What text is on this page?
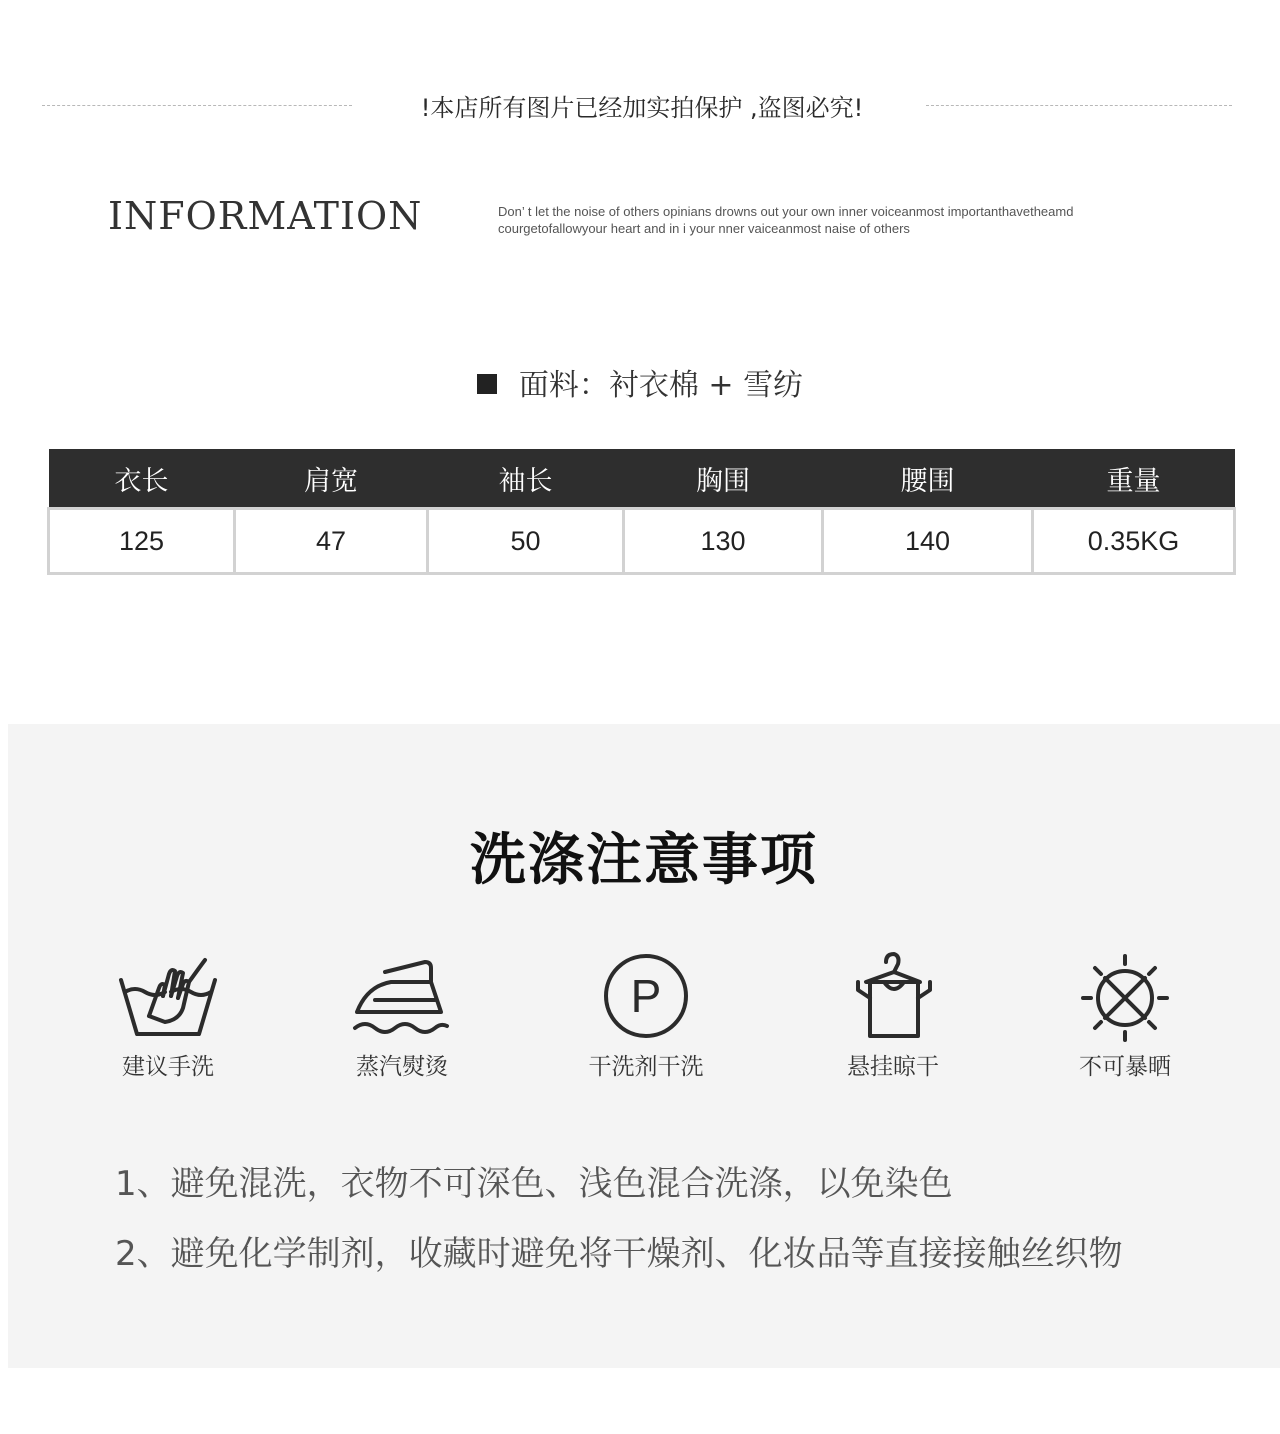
!本店所有图片已经加实拍保护 ,盗图必究!
INFORMATION	Don’ t let the noise of others opinians drowns out your own inner voiceanmost importanthavetheamd
courgetofallowyour heart and in i your nner vaiceanmost naise of others
面料：衬衣棉 + 雪纺
衣长	肩宽	袖长	胸围	腰围	重量
125	47	50	130	140	0.35KG
洗涤注意事项
建议手洗	蒸汽熨烫
P
干洗剂干洗	悬挂晾干	不可暴晒
1、避免混洗，衣物不可深色、浅色混合洗涤，以免染色
2、避免化学制剂，收藏时避免将干燥剂、化妆品等直接接触丝织物
